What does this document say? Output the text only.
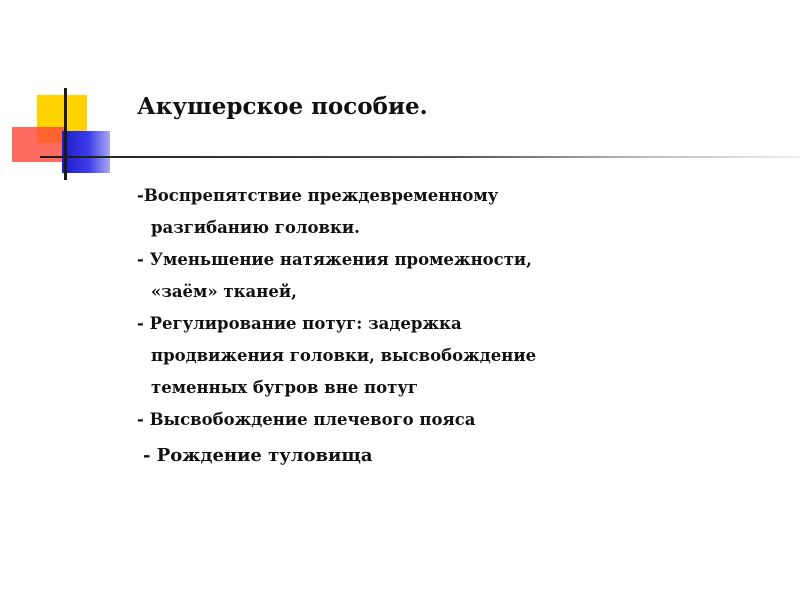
Акушерское пособие.
-Воспрепятствие преждевременному
разгибанию головки.
- Уменьшение натяжения промежности,
«заём» тканей,
- Регулирование потуг: задержка
продвижения головки, высвобождение
теменных бугров вне потуг
- Высвобождение плечевого пояса
- Рождение туловища
